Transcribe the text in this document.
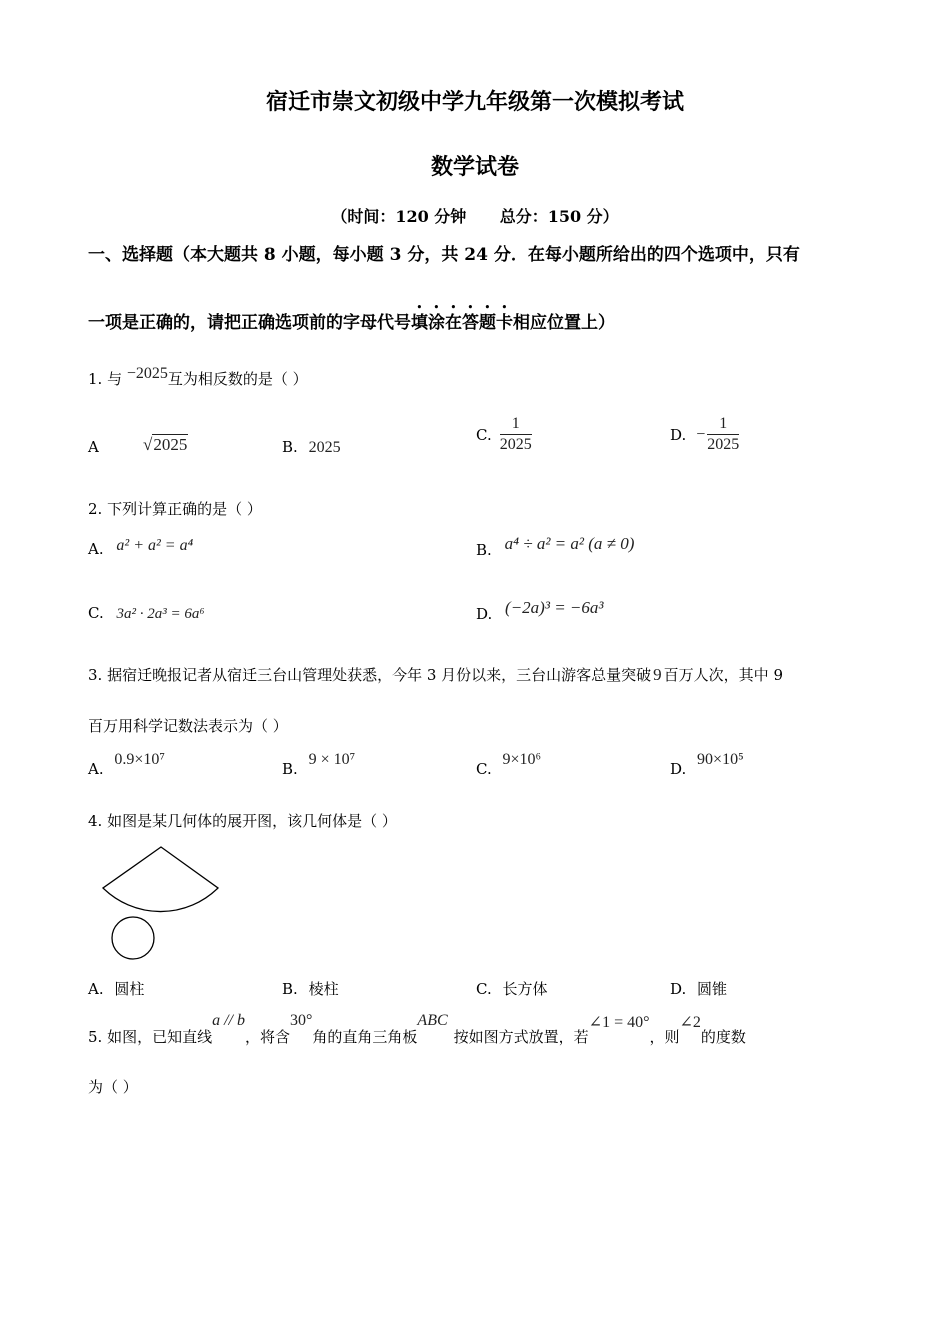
宿迁市崇文初级中学九年级第一次模拟考试
数学试卷
（时间：120 分钟      总分：150 分）
一、选择题（本大题共 8 小题，每小题 3 分，共 24 分．在每小题所给出的四个选项中，只有
一项是正确的，请把正确选项前的字母代号填涂在答题卡相应位置上）
1. 与 −2025互为相反数的是（ ）
A	√2025	B. 2025
C. $\frac{1}{2025}$	D. − $\frac{1}{2025}$
2. 下列计算正确的是（ ）
A. a² + a² = a⁴	B. a⁴ ÷ a² = a² (a ≠ 0)
C. 3a² · 2a³ = 6a⁶	D. (−2a)³ = −6a³
3. 据宿迁晚报记者从宿迁三台山管理处获悉，今年 3 月份以来，三台山游客总量突破 9 百万人次，其中 9
百万用科学记数法表示为（ ）
A. 0.9×10⁷
B. 9 × 10⁷
C. 9×10⁶
D. 90×10⁵
4. 如图是某几何体的展开图，该几何体是（ ）
A. 圆柱	B. 棱柱	C. 长方体	D. 圆锥
5. 如图，已知直线
a // b
，将含
30°
角的直角三角板
ABC
按如图方式放置，若
∠1 = 40°
，则
∠2
的度数
为（ ）
